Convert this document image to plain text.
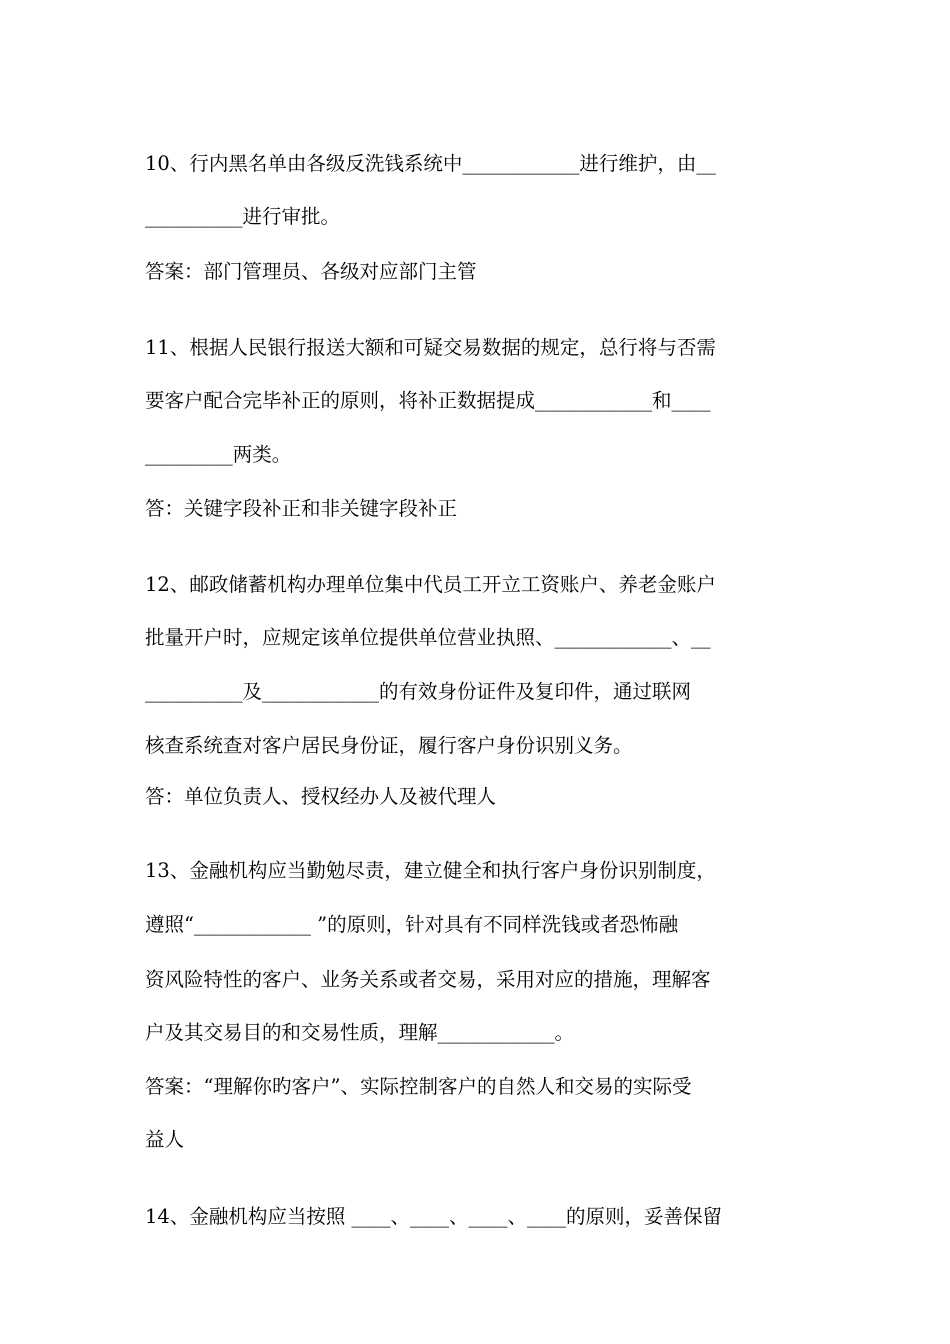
10、行内黑名单由各级反洗钱系统中____________进行维护，由__
__________进行审批。
答案：部门管理员、各级对应部门主管
11、根据人民银行报送大额和可疑交易数据的规定，总行将与否需
要客户配合完毕补正的原则，将补正数据提成____________和____
_________两类。
答：关键字段补正和非关键字段补正
12、邮政储蓄机构办理单位集中代员工开立工资账户、养老金账户
批量开户时，应规定该单位提供单位营业执照、____________、__
__________及____________的有效身份证件及复印件，通过联网
核查系统查对客户居民身份证，履行客户身份识别义务。
答：单位负责人、授权经办人及被代理人
13、金融机构应当勤勉尽责，建立健全和执行客户身份识别制度，
遵照“____________ ”的原则，针对具有不同样洗钱或者恐怖融
资风险特性的客户、业务关系或者交易，采用对应的措施，理解客
户及其交易目的和交易性质，理解____________。
答案：“理解你旳客户”、实际控制客户的自然人和交易的实际受
益人
14、金融机构应当按照 ____、____、____、____的原则，妥善保留
